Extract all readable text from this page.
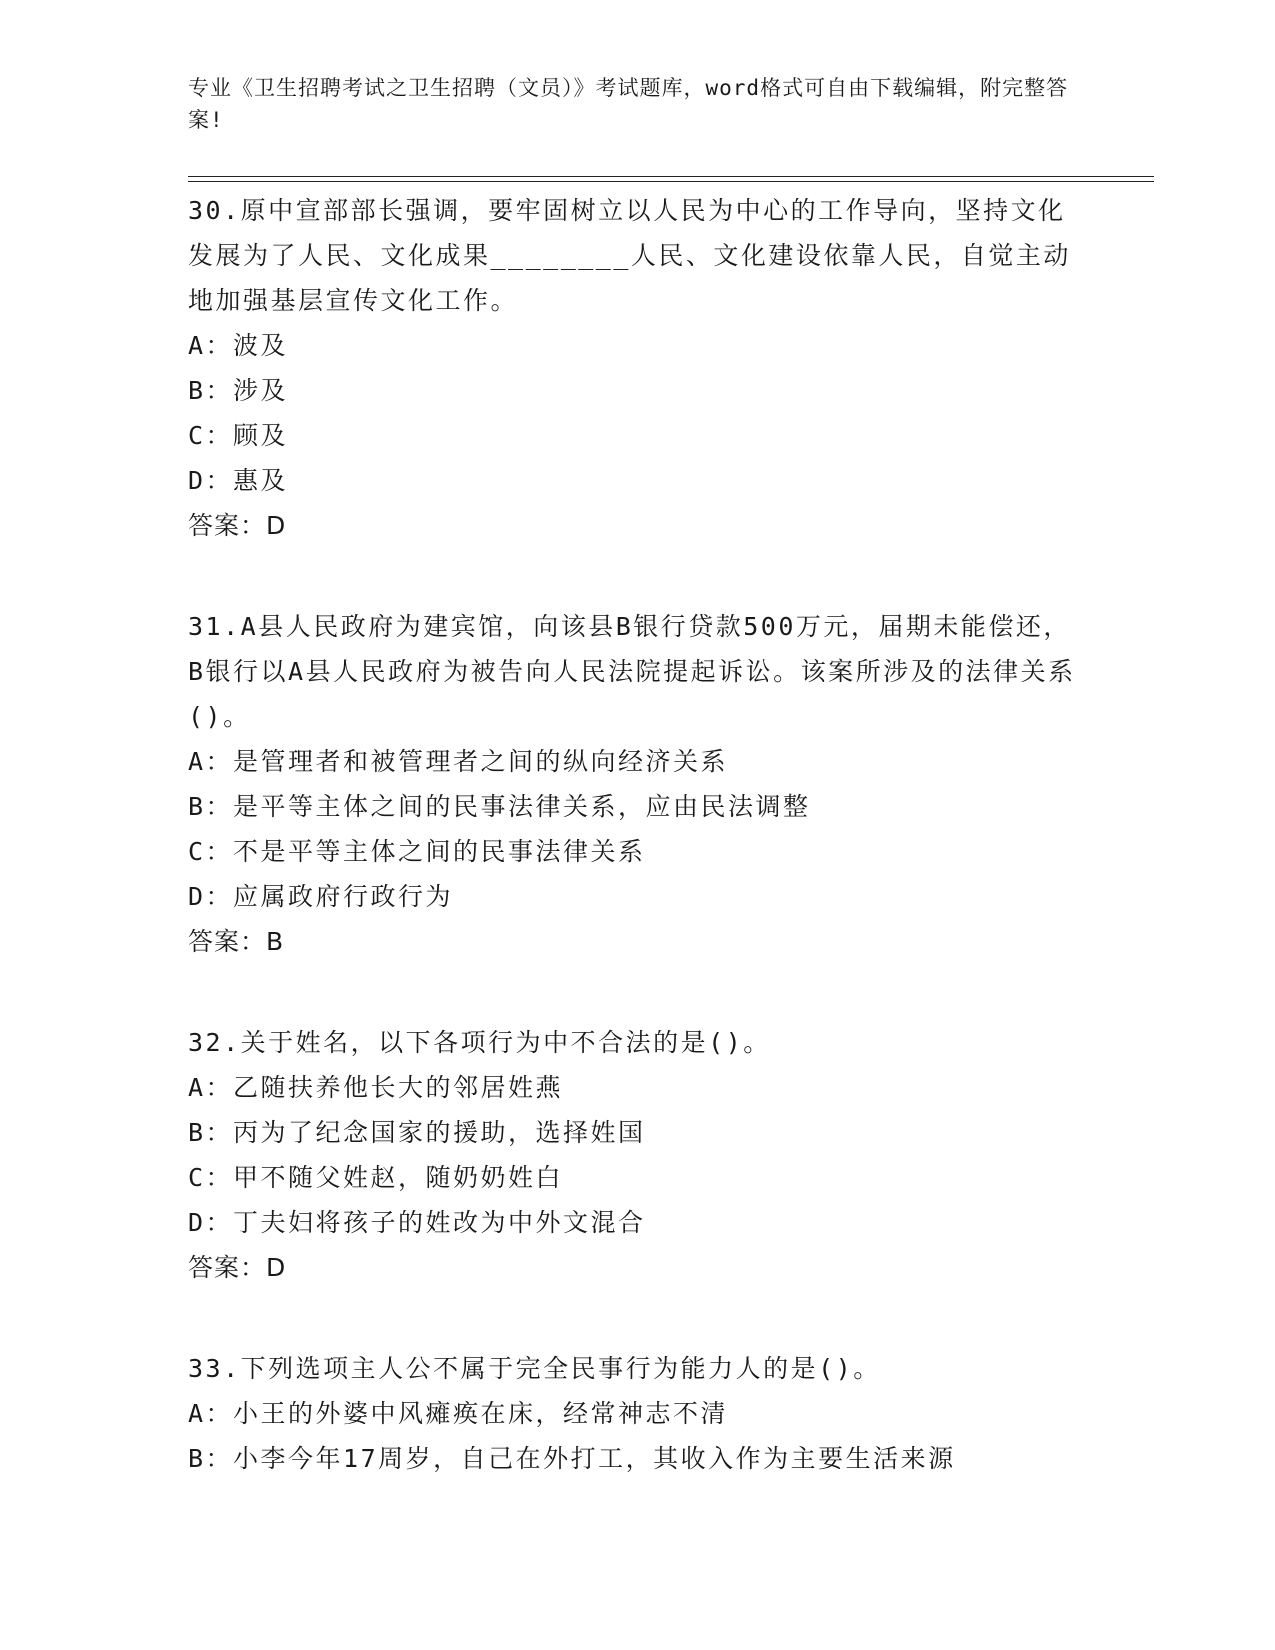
专业《卫生招聘考试之卫生招聘（文员）》考试题库，word格式可自由下载编辑，附完整答案!

30.原中宣部部长强调，要牢固树立以人民为中心的工作导向，坚持文化发展为了人民、文化成果________人民、文化建设依靠人民，自觉主动地加强基层宣传文化工作。

A：波及

B：涉及

C：顾及

D：惠及

答案：D

31.A县人民政府为建宾馆，向该县B银行贷款500万元，届期未能偿还，B银行以A县人民政府为被告向人民法院提起诉讼。该案所涉及的法律关系()。

A：是管理者和被管理者之间的纵向经济关系

B：是平等主体之间的民事法律关系，应由民法调整

C：不是平等主体之间的民事法律关系

D：应属政府行政行为

答案：B

32.关于姓名，以下各项行为中不合法的是()。

A：乙随扶养他长大的邻居姓燕

B：丙为了纪念国家的援助，选择姓国

C：甲不随父姓赵，随奶奶姓白

D：丁夫妇将孩子的姓改为中外文混合

答案：D

33.下列选项主人公不属于完全民事行为能力人的是()。

A：小王的外婆中风瘫痪在床，经常神志不清

B：小李今年17周岁，自己在外打工，其收入作为主要生活来源
